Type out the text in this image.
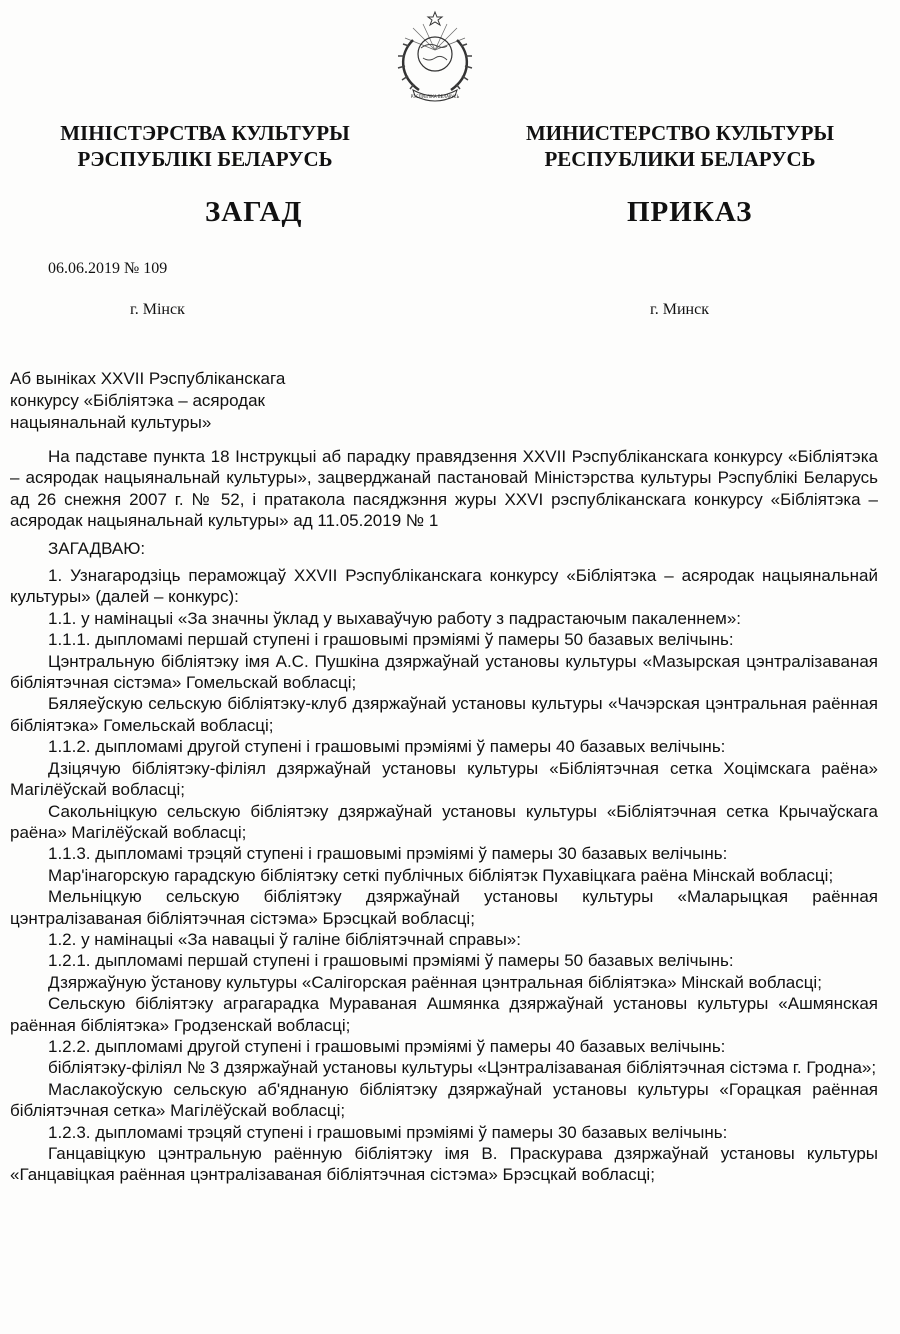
РЭСПУБЛІКА БЕЛАРУСЬ
МІНІСТЭРСТВА КУЛЬТУРЫ
РЭСПУБЛІКІ БЕЛАРУСЬ
МИНИСТЕРСТВО КУЛЬТУРЫ
РЕСПУБЛИКИ БЕЛАРУСЬ
ЗАГАД	ПРИКАЗ
06.06.2019 № 109
г. Мінск	г. Минск
Аб выніках XXVII Рэспубліканскага
конкурсу «Бібліятэка – асяродак
нацыянальнай культуры»

На падставе пункта 18 Інструкцыі аб парадку правядзення XXVII Рэспубліканскага конкурсу «Бібліятэка – асяродак нацыянальнай культуры», зацверджанай пастановай Міністэрства культуры Рэспублікі Беларусь ад 26 снежня 2007 г. № 52, і пратакола пасяджэння журы XXVI рэспубліканскага конкурсу «Бібліятэка – асяродак нацыянальнай культуры» ад 11.05.2019 № 1

ЗАГАДВАЮ:

1. Узнагародзіць пераможцаў XXVII Рэспубліканскага конкурсу «Бібліятэка – асяродак нацыянальнай культуры» (далей – конкурс):

1.1. у намінацыі «За значны ўклад у выхаваўчую работу з падрастаючым пакаленнем»:

1.1.1. дыпломамі першай ступені і грашовымі прэміямі ў памеры 50 базавых велічынь:

Цэнтральную бібліятэку імя А.С. Пушкіна дзяржаўнай установы культуры «Мазырская цэнтралізаваная бібліятэчная сістэма» Гомельскай вобласці;

Бяляеўскую сельскую бібліятэку-клуб дзяржаўнай установы культуры «Чачэрская цэнтральная раённая бібліятэка» Гомельскай вобласці;

1.1.2. дыпломамі другой ступені і грашовымі прэміямі ў памеры 40 базавых велічынь:

Дзіцячую бібліятэку-філіял дзяржаўнай установы культуры «Бібліятэчная сетка Хоцімскага раёна» Магілёўскай вобласці;

Сакольніцкую сельскую бібліятэку дзяржаўнай установы культуры «Бібліятэчная сетка Крычаўскага раёна» Магілёўскай вобласці;

1.1.3. дыпломамі трэцяй ступені і грашовымі прэміямі ў памеры 30 базавых велічынь:

Мар'інагорскую гарадскую бібліятэку сеткі публічных бібліятэк Пухавіцкага раёна Мінскай вобласці;

Мельніцкую сельскую бібліятэку дзяржаўнай установы культуры «Маларыцкая раённая цэнтралізаваная бібліятэчная сістэма» Брэсцкай вобласці;

1.2. у намінацыі «За навацыі ў галіне бібліятэчнай справы»:

1.2.1. дыпломамі першай ступені і грашовымі прэміямі ў памеры 50 базавых велічынь:

Дзяржаўную ўстанову культуры «Салігорская раённая цэнтральная бібліятэка» Мінскай вобласці;

Сельскую бібліятэку аграгарадка Мураваная Ашмянка дзяржаўнай установы культуры «Ашмянская раённая бібліятэка» Гродзенскай вобласці;

1.2.2. дыпломамі другой ступені і грашовымі прэміямі ў памеры 40 базавых велічынь:

бібліятэку-філіял № 3 дзяржаўнай установы культуры «Цэнтралізаваная бібліятэчная сістэма г. Гродна»;

Маслакоўскую сельскую аб'яднаную бібліятэку дзяржаўнай установы культуры «Горацкая раённая бібліятэчная сетка» Магілёўскай вобласці;

1.2.3. дыпломамі трэцяй ступені і грашовымі прэміямі ў памеры 30 базавых велічынь:

Ганцавіцкую цэнтральную раённую бібліятэку імя В. Праскурава дзяржаўнай установы культуры «Ганцавіцкая раённая цэнтралізаваная бібліятэчная сістэма» Брэсцкай вобласці;
